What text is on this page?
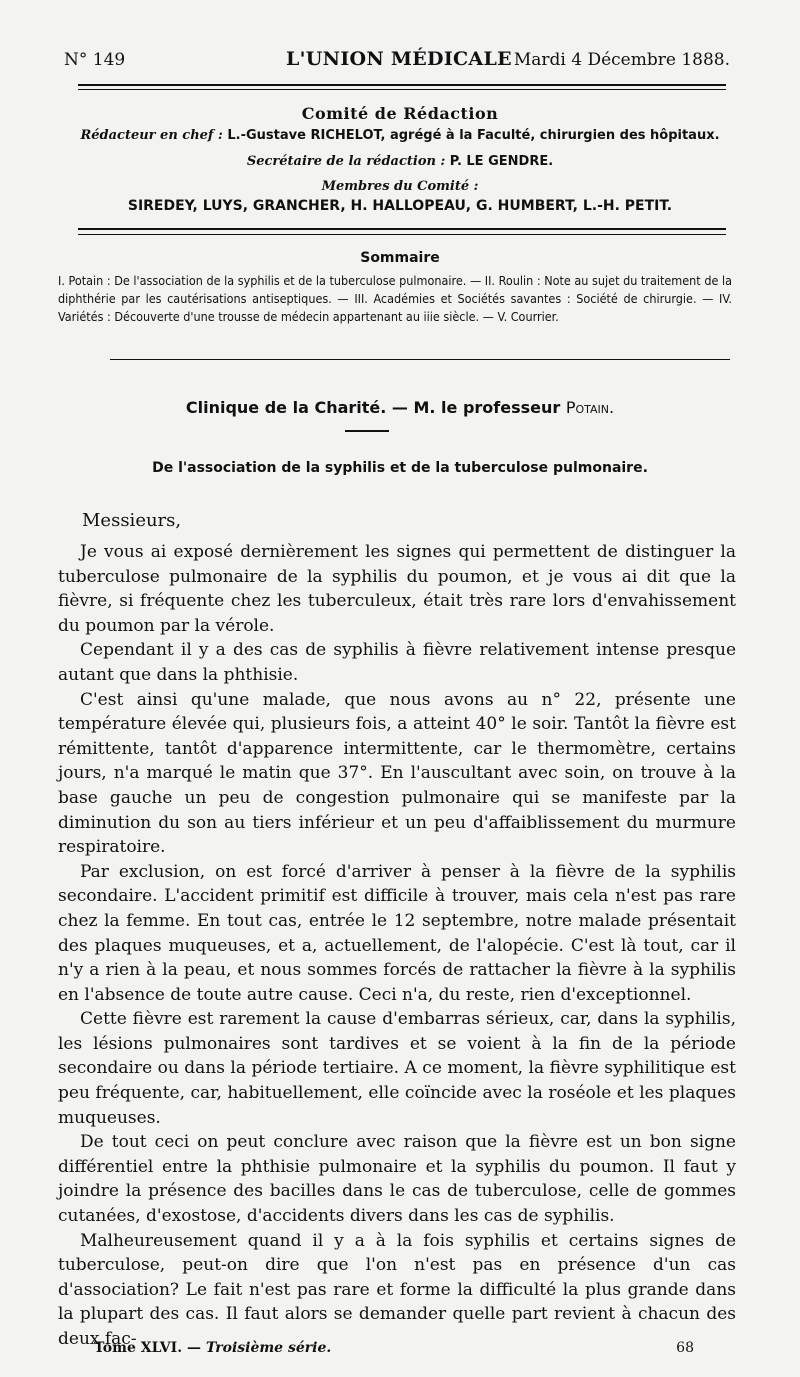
N° 149	L'UNION MÉDICALE Mardi 4 Décembre 1888.
Comité de Rédaction
Rédacteur en chef : L.-Gustave RICHELOT, agrégé à la Faculté, chirurgien des hôpitaux.
Secrétaire de la rédaction : P. LE GENDRE.
Membres du Comité :
SIREDEY, LUYS, GRANCHER, H. HALLOPEAU, G. HUMBERT, L.-H. PETIT.
Sommaire

I. Potain : De l'association de la syphilis et de la tuberculose pulmonaire. — II. Roulin : Note au sujet du traitement de la diphthérie par les cautérisations antiseptiques. — III. Académies et Sociétés savantes : Société de chirurgie. — IV. Variétés : Découverte d'une trousse de médecin appartenant au iiie siècle. — V. Courrier.

Clinique de la Charité. — M. le professeur Potain.
De l'association de la syphilis et de la tuberculose pulmonaire.
Messieurs,

Je vous ai exposé dernièrement les signes qui permettent de distinguer la tuberculose pulmonaire de la syphilis du poumon, et je vous ai dit que la fièvre, si fréquente chez les tuberculeux, était très rare lors d'envahissement du poumon par la vérole.

Cependant il y a des cas de syphilis à fièvre relativement intense presque autant que dans la phthisie.

C'est ainsi qu'une malade, que nous avons au n° 22, présente une température élevée qui, plusieurs fois, a atteint 40° le soir. Tantôt la fièvre est rémittente, tantôt d'apparence intermittente, car le thermomètre, certains jours, n'a marqué le matin que 37°. En l'auscultant avec soin, on trouve à la base gauche un peu de congestion pulmonaire qui se manifeste par la diminution du son au tiers inférieur et un peu d'affaiblissement du murmure respiratoire.

Par exclusion, on est forcé d'arriver à penser à la fièvre de la syphilis secondaire. L'accident primitif est difficile à trouver, mais cela n'est pas rare chez la femme. En tout cas, entrée le 12 septembre, notre malade présentait des plaques muqueuses, et a, actuellement, de l'alopécie. C'est là tout, car il n'y a rien à la peau, et nous sommes forcés de rattacher la fièvre à la syphilis en l'absence de toute autre cause. Ceci n'a, du reste, rien d'exceptionnel.

Cette fièvre est rarement la cause d'embarras sérieux, car, dans la syphilis, les lésions pulmonaires sont tardives et se voient à la fin de la période secondaire ou dans la période tertiaire. A ce moment, la fièvre syphilitique est peu fréquente, car, habituellement, elle coïncide avec la roséole et les plaques muqueuses.

De tout ceci on peut conclure avec raison que la fièvre est un bon signe différentiel entre la phthisie pulmonaire et la syphilis du poumon. Il faut y joindre la présence des bacilles dans le cas de tuberculose, celle de gommes cutanées, d'exostose, d'accidents divers dans les cas de syphilis.

Malheureusement quand il y a à la fois syphilis et certains signes de tuberculose, peut-on dire que l'on n'est pas en présence d'un cas d'association? Le fait n'est pas rare et forme la difficulté la plus grande dans la plupart des cas. Il faut alors se demander quelle part revient à chacun des deux fac-

Tome XLVI. — Troisième série.	68
